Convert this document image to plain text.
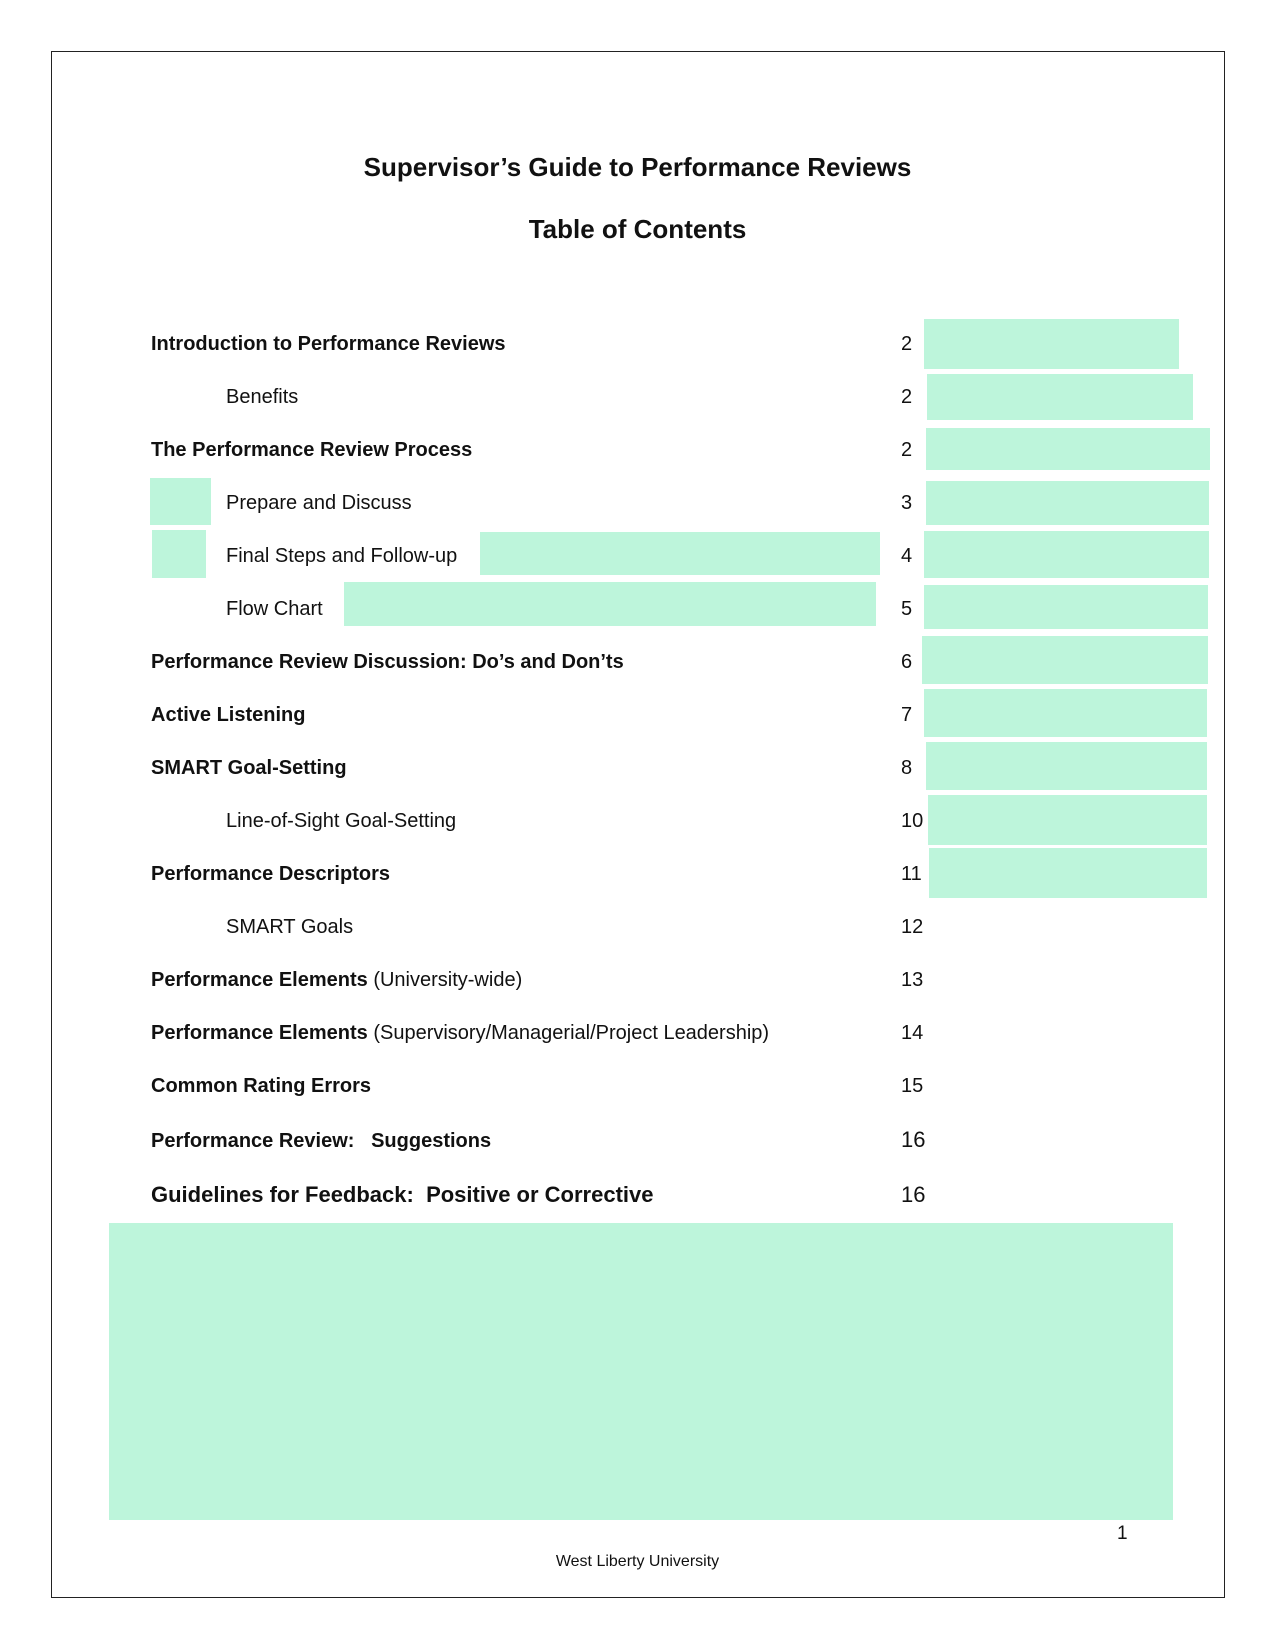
Supervisor’s Guide to Performance Reviews
Table of Contents
Introduction to Performance Reviews	2
Benefits	2
The Performance Review Process	2
Prepare and Discuss	3
Final Steps and Follow-up	4
Flow Chart	5
Performance Review Discussion: Do’s and Don’ts	6
Active Listening	7
SMART Goal-Setting	8
Line-of-Sight Goal-Setting	10
Performance Descriptors	11
SMART Goals	12
Performance Elements (University-wide)	13
Performance Elements (Supervisory/Managerial/Project Leadership)	14
Common Rating Errors	15
Performance Review:   Suggestions	16
Guidelines for Feedback:  Positive or Corrective	16
1
West Liberty University
